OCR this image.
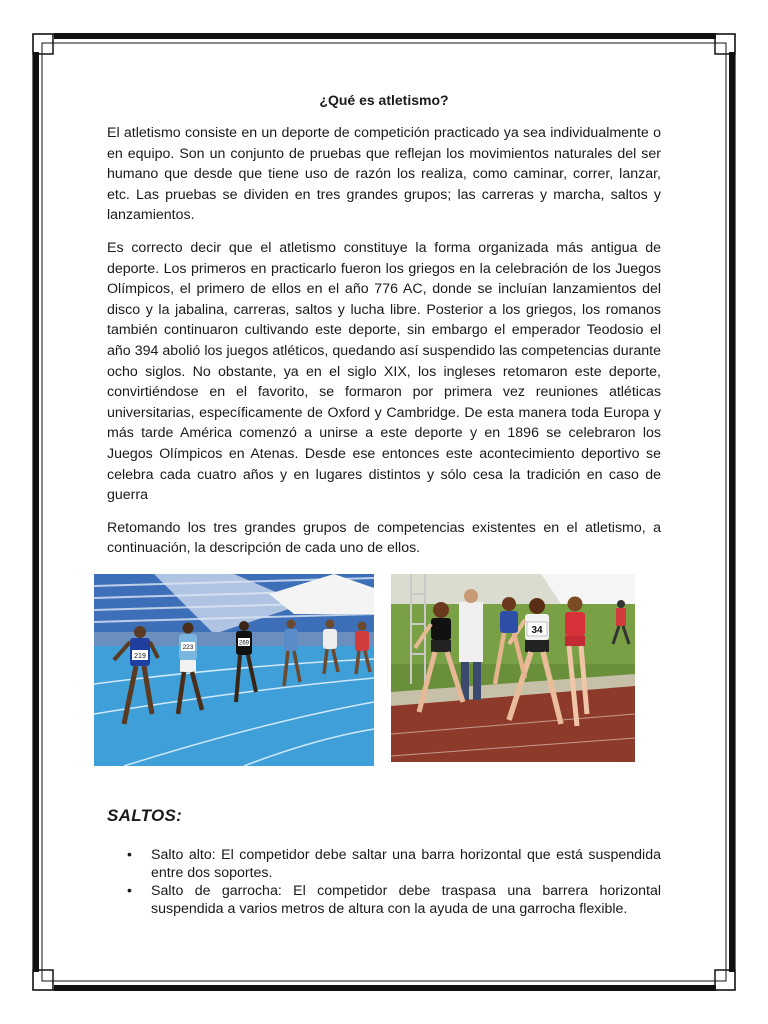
¿Qué es atletismo?

El atletismo consiste en un deporte de competición practicado ya sea individualmente o en equipo. Son un conjunto de pruebas que reflejan los movimientos naturales del ser humano que desde que tiene uso de razón los realiza, como caminar, correr, lanzar, etc. Las pruebas se dividen en tres grandes grupos; las carreras y marcha, saltos y lanzamientos.

Es correcto decir que el atletismo constituye la forma organizada más antigua de deporte. Los primeros en practicarlo fueron los griegos en la celebración de los Juegos Olímpicos, el primero de ellos en el año 776 AC, donde se incluían lanzamientos del disco y la jabalina, carreras, saltos y lucha libre. Posterior a los griegos, los romanos también continuaron cultivando este deporte, sin embargo el emperador Teodosio el año 394 abolió los juegos atléticos, quedando así suspendido las competencias durante ocho siglos. No obstante, ya en el siglo XIX, los ingleses retomaron este deporte, convirtiéndose en el favorito, se formaron por primera vez reuniones atléticas universitarias, específicamente de Oxford y Cambridge. De esta manera toda Europa y más tarde América comenzó a unirse a este deporte y en 1896 se celebraron los Juegos Olímpicos en Atenas. Desde ese entonces este acontecimiento deportivo se celebra cada cuatro años y en lugares distintos y sólo cesa la tradición en caso de guerra

Retomando los tres grandes grupos de competencias existentes en el atletismo, a continuación, la descripción de cada uno de ellos.

219
223
269
34
SALTOS:
• Salto alto: El competidor debe saltar una barra horizontal que está suspendida entre dos soportes.
• Salto de garrocha: El competidor debe traspasa una barrera horizontal suspendida a varios metros de altura con la ayuda de una garrocha flexible.
